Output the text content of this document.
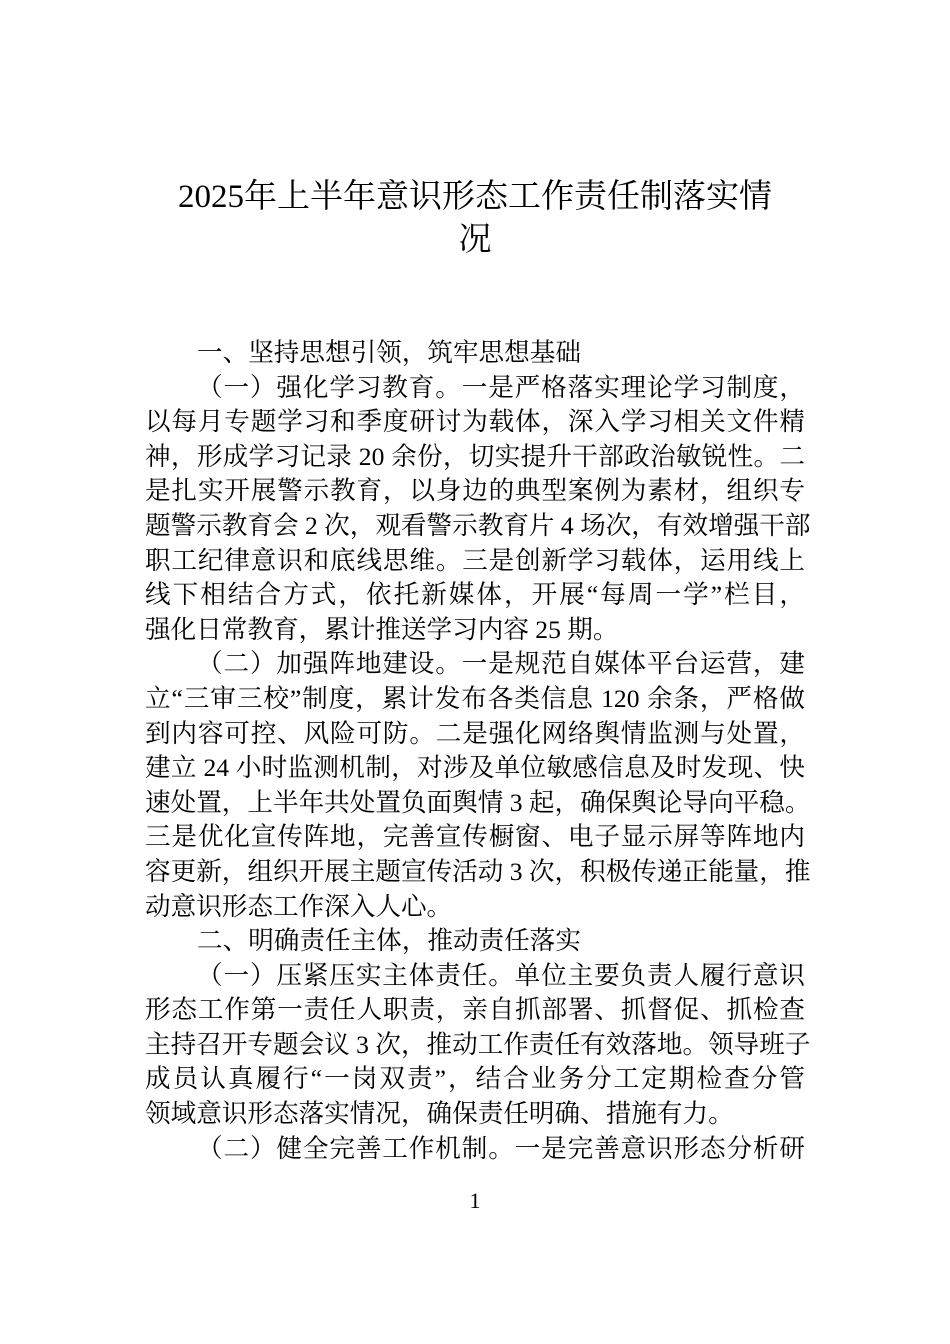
2025年上半年意识形态工作责任制落实情
况
一、坚持思想引领，筑牢思想基础
（一）强化学习教育。一是严格落实理论学习制度，
以每月专题学习和季度研讨为载体，深入学习相关文件精
神，形成学习记录 20 余份，切实提升干部政治敏锐性。二
是扎实开展警示教育，以身边的典型案例为素材，组织专
题警示教育会 2 次，观看警示教育片 4 场次，有效增强干部
职工纪律意识和底线思维。三是创新学习载体，运用线上
线下相结合方式，依托新媒体，开展“每周一学”栏目，
强化日常教育，累计推送学习内容 25 期。
（二）加强阵地建设。一是规范自媒体平台运营，建
立“三审三校”制度，累计发布各类信息 120 余条，严格做
到内容可控、风险可防。二是强化网络舆情监测与处置，
建立 24 小时监测机制，对涉及单位敏感信息及时发现、快
速处置，上半年共处置负面舆情 3 起，确保舆论导向平稳。
三是优化宣传阵地，完善宣传橱窗、电子显示屏等阵地内
容更新，组织开展主题宣传活动 3 次，积极传递正能量，推
动意识形态工作深入人心。
二、明确责任主体，推动责任落实
（一）压紧压实主体责任。单位主要负责人履行意识
形态工作第一责任人职责，亲自抓部署、抓督促、抓检查
主持召开专题会议 3 次，推动工作责任有效落地。领导班子
成员认真履行“一岗双责”，结合业务分工定期检查分管
领域意识形态落实情况，确保责任明确、措施有力。
（二）健全完善工作机制。一是完善意识形态分析研
1
